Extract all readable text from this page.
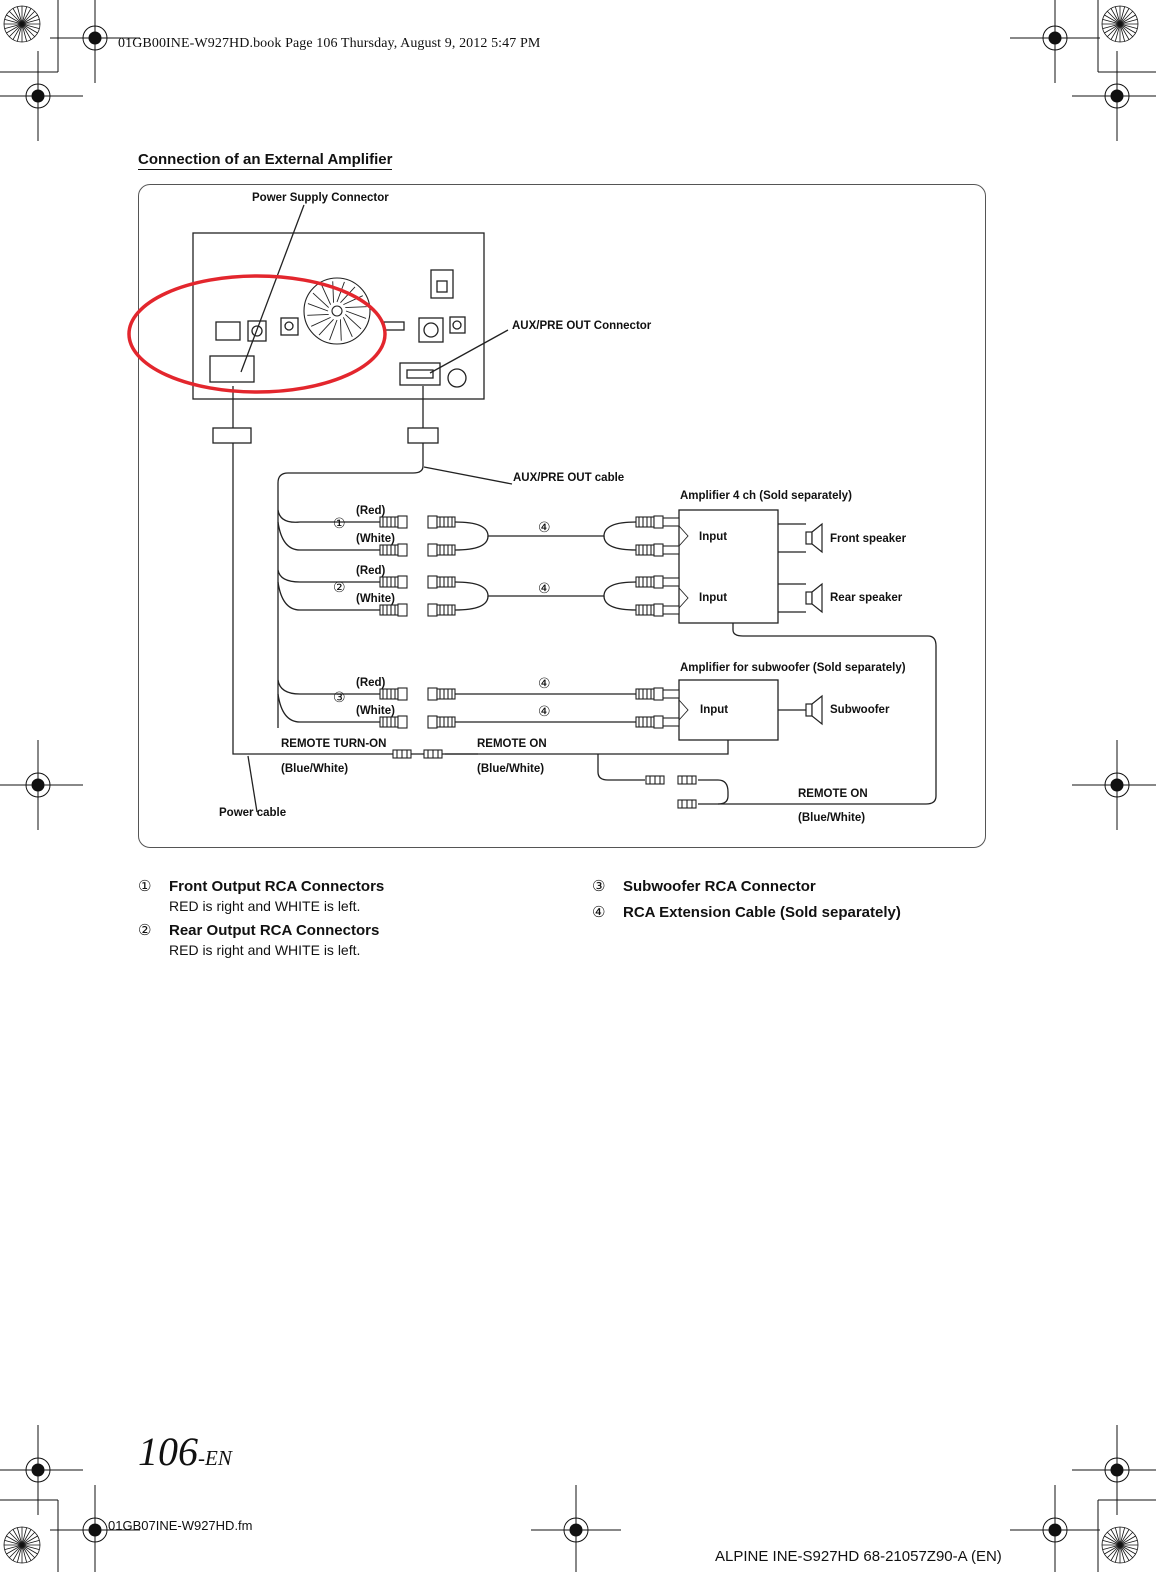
01GB00INE-W927HD.book Page 106 Thursday, August 9, 2012 5:47 PM
Connection of an External Amplifier
Power Supply Connector
AUX/PRE OUT Connector
AUX/PRE OUT cable
Amplifier 4 ch (Sold separately)
Amplifier for subwoofer (Sold separately)
(Red)
(White)
(Red)
(White)
(Red)
(White)
①
②
③
④
④
④
④
Input
Input
Input
Front speaker
Rear speaker
Subwoofer
REMOTE TURN-ON
(Blue/White)
REMOTE ON
(Blue/White)
REMOTE ON
(Blue/White)
Power cable
① Front Output RCA Connectors
RED is right and WHITE is left.
② Rear Output RCA Connectors
RED is right and WHITE is left.
③ Subwoofer RCA Connector
④ RCA Extension Cable (Sold separately)
106-EN
01GB07INE-W927HD.fm
ALPINE INE-S927HD 68-21057Z90-A (EN)
